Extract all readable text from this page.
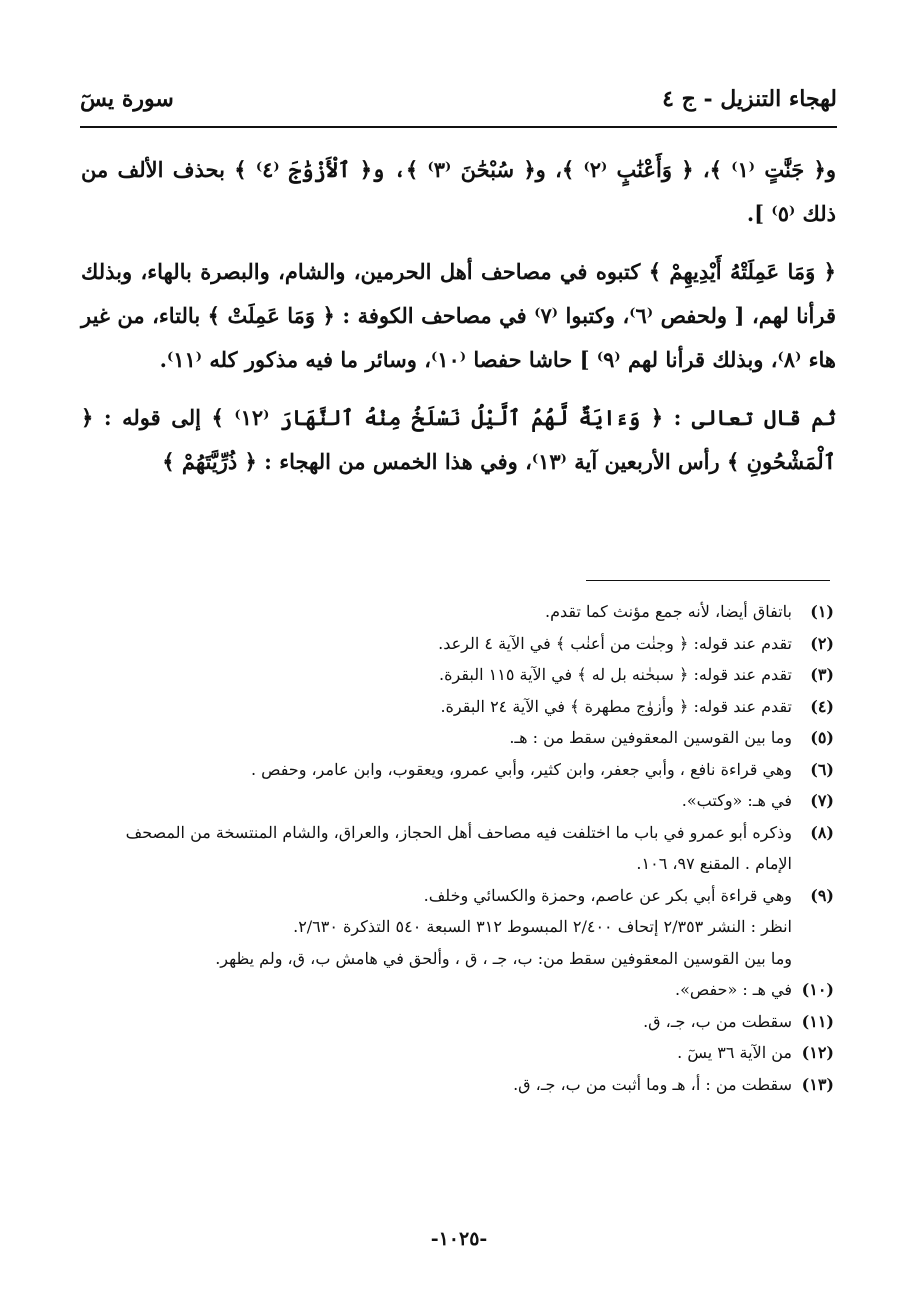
لهجاء التنزيل - ج ٤
سورة يسٓ

و﴿ جَنَّٰتٍ ⁽١⁾ ﴾، ﴿ وَأَعْنَٰبٍ ⁽٢⁾ ﴾، و﴿ سُبْحَٰنَ ⁽٣⁾ ﴾، و﴿ ٱلْأَزْوَٰجَ ⁽٤⁾ ﴾ بحذف الألف من ذلك ⁽٥⁾ ].

﴿ وَمَا عَمِلَتْهُ أَيْدِيهِمْ ﴾ كتبوه في مصاحف أهل الحرمين، والشام، والبصرة بالهاء، وبذلك قرأنا لهم، [ ولحفص ⁽٦⁾، وكتبوا ⁽٧⁾ في مصاحف الكوفة : ﴿ وَمَا عَمِلَتْ ﴾ بالتاء، من غير هاء ⁽٨⁾، وبذلك قرأنا لهم ⁽٩⁾ ] حاشا حفصا ⁽١٠⁾، وسائر ما فيه مذكور كله ⁽١١⁾.

ثم قال تعالى : ﴿ وَءَايَةٌ لَّهُمُ ٱلَّيْلُ نَسْلَخُ مِنْهُ ٱلنَّهَارَ ⁽١٢⁾ ﴾ إلى قوله : ﴿ ٱلْمَشْحُونِ ﴾ رأس الأربعين آية ⁽١٣⁾، وفي هذا الخمس من الهجاء : ﴿ ذُرِّيَّتَهُمْ ﴾

(١)
باتفاق أيضا، لأنه جمع مؤنث كما تقدم.
(٢)
تقدم عند قوله: ﴿ وجنٰت من أعنٰب ﴾ في الآية ٤ الرعد.
(٣)
تقدم عند قوله: ﴿ سبحٰنه بل له ﴾ في الآية ١١٥ البقرة.
(٤)
تقدم عند قوله: ﴿ وأزوٰج مطهرة ﴾ في الآية ٢٤ البقرة.
(٥)
وما بين القوسين المعقوفين سقط من : هـ.
(٦)
وهي قراءة نافع ، وأبي جعفر، وابن كثير، وأبي عمرو، ويعقوب، وابن عامر، وحفص .
(٧)
في هـ: «وكتب».
(٨)
وذكره أبو عمرو في باب ما اختلفت فيه مصاحف أهل الحجاز، والعراق، والشام المنتسخة من المصحف
الإمام . المقنع ٩٧، ١٠٦.
(٩)
وهي قراءة أبي بكر عن عاصم، وحمزة والكسائي وخلف.
انظر : النشر ٢/٣٥٣ إتحاف ٢/٤٠٠ المبسوط ٣١٢ السبعة ٥٤٠ التذكرة ٢/٦٣٠.
وما بين القوسين المعقوفين سقط من: ب، جـ ، ق ، وألحق في هامش ب، ق، ولم يظهر.
(١٠)
في هـ : «حفص».
(١١)
سقطت من ب، جـ، ق.
(١٢)
من الآية ٣٦ يسٓ .
(١٣)
سقطت من : أ، هـ وما أثبت من ب، جـ، ق.
-١٠٢٥-
